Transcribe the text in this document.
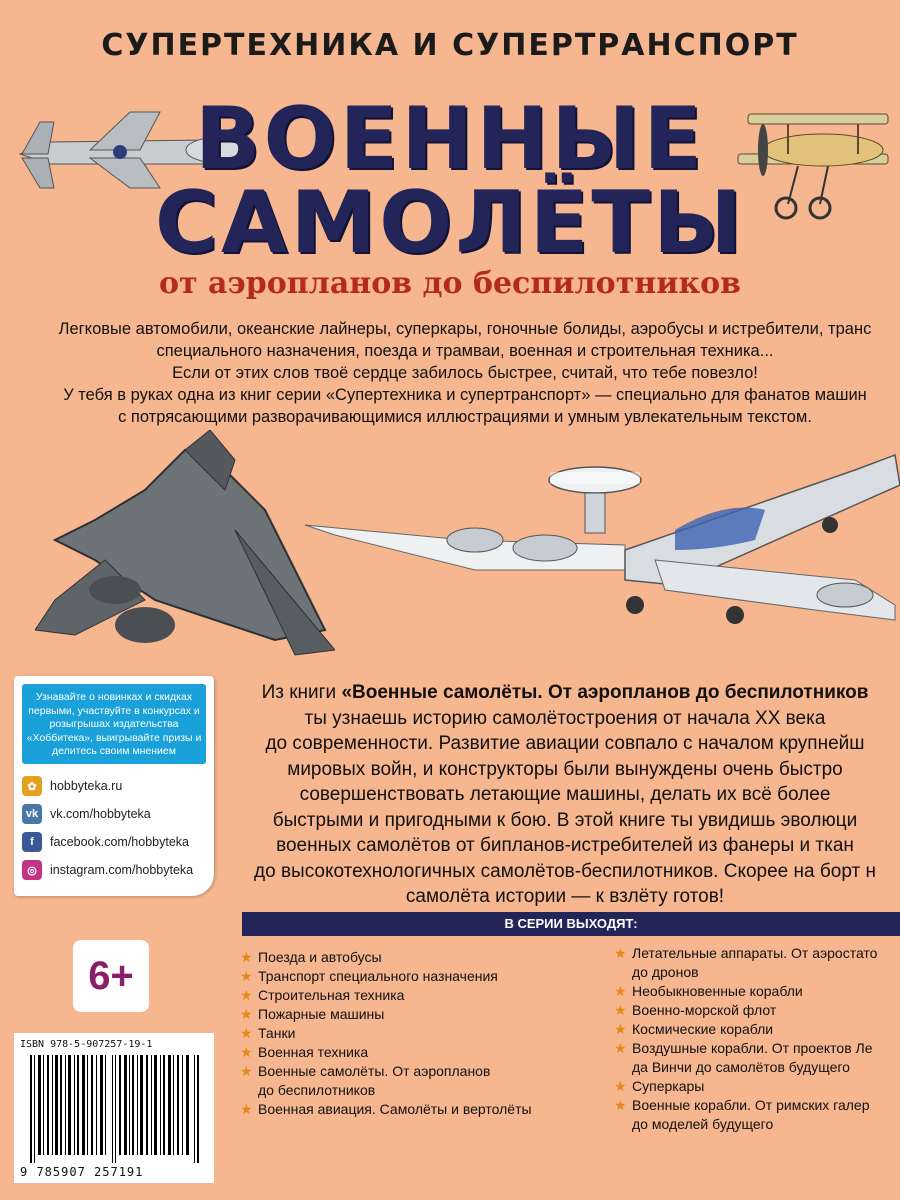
СУПЕРТЕХНИКА И СУПЕРТРАНСПОРТ
ВОЕННЫЕ
САМОЛЁТЫ
от аэропланов до беспилотников

Легковые автомобили, океанские лайнеры, суперкары, гоночные болиды, аэробусы и истребители, транс

специального назначения, поезда и трамваи, военная и строительная техника...

Если от этих слов твоё сердце забилось быстрее, считай, что тебе повезло!

У тебя в руках одна из книг серии «Супертехника и супертранспорт» — специально для фанатов машин

с потрясающими разворачивающимися иллюстрациями и умным увлекательным текстом.

Узнавайте о новинках и скидках первыми, участвуйте в конкурсах и розыгрышах издательства «Хоббитека», выигрывайте призы и делитесь своим мнением
✿	hobbyteka.ru
vk vk.com/hobbyteka
f	facebook.com/hobbyteka
◎	instagram.com/hobbyteka

Из книги «Военные самолёты. От аэропланов до беспилотников

ты узнаешь историю самолётостроения от начала XX века

до современности. Развитие авиации совпало с началом крупнейш

мировых войн, и конструкторы были вынуждены очень быстро

совершенствовать летающие машины, делать их всё более

быстрыми и пригодными к бою. В этой книге ты увидишь эволюци

военных самолётов от бипланов-истребителей из фанеры и ткан

до высокотехнологичных самолётов-беспилотников. Скорее на борт н

самолёта истории — к взлёту готов!

6+
ISBN 978-5-907257-19-1
9 785907 257191
В СЕРИИ ВЫХОДЯТ:
★ Поезда и автобусы
★ Транспорт специального назначения
★ Строительная техника
★ Пожарные машины
★ Танки
★ Военная техника
★ Военные самолёты. От аэропланов
до беспилотников
★ Военная авиация. Самолёты и вертолёты
★ Летательные аппараты. От аэростато
до дронов
★ Необыкновенные корабли
★ Военно-морской флот
★ Космические корабли
★ Воздушные корабли. От проектов Ле
да Винчи до самолётов будущего
★ Суперкары
★ Военные корабли. От римских галер
до моделей будущего
